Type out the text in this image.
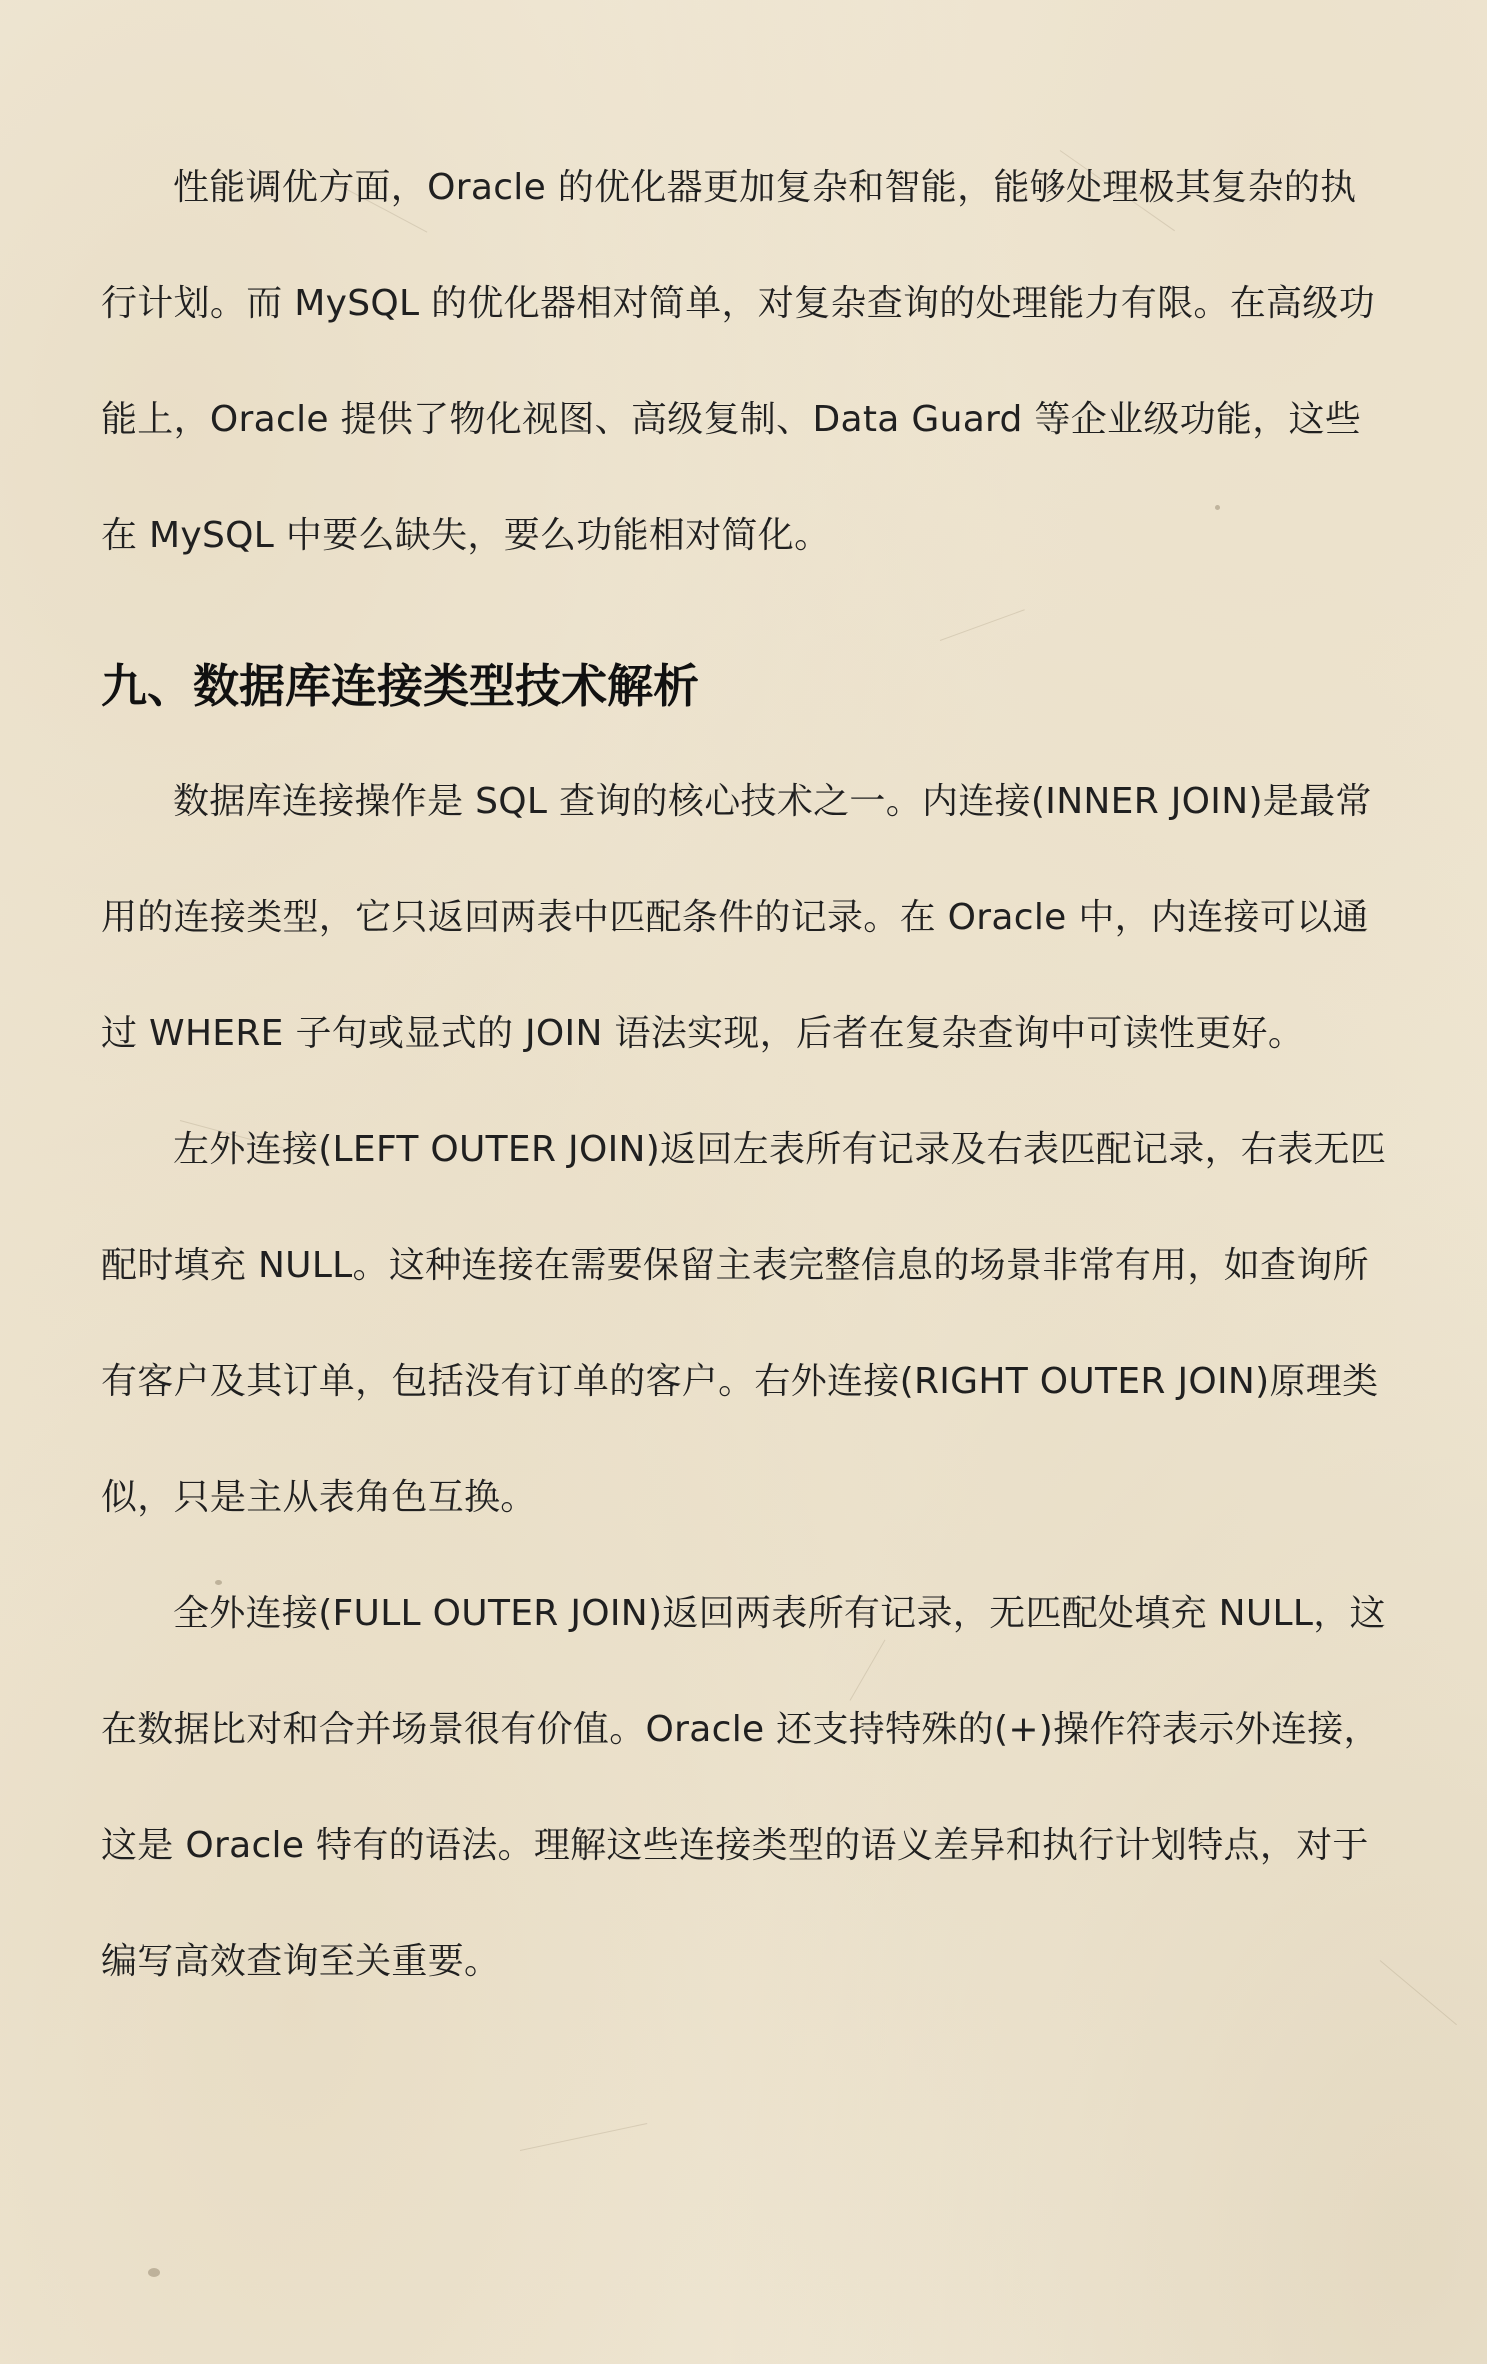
性能调优方面，Oracle 的优化器更加复杂和智能，能够处理极其复杂的执行计划。而 MySQL 的优化器相对简单，对复杂查询的处理能力有限。在高级功能上，Oracle 提供了物化视图、高级复制、Data Guard 等企业级功能，这些在 MySQL 中要么缺失，要么功能相对简化。

九、数据库连接类型技术解析

数据库连接操作是 SQL 查询的核心技术之一。内连接(INNER JOIN)是最常用的连接类型，它只返回两表中匹配条件的记录。在 Oracle 中，内连接可以通过 WHERE 子句或显式的 JOIN 语法实现，后者在复杂查询中可读性更好。

左外连接(LEFT OUTER JOIN)返回左表所有记录及右表匹配记录，右表无匹配时填充 NULL。这种连接在需要保留主表完整信息的场景非常有用，如查询所有客户及其订单，包括没有订单的客户。右外连接(RIGHT OUTER JOIN)原理类似，只是主从表角色互换。

全外连接(FULL OUTER JOIN)返回两表所有记录，无匹配处填充 NULL，这在数据比对和合并场景很有价值。Oracle 还支持特殊的(+)操作符表示外连接，这是 Oracle 特有的语法。理解这些连接类型的语义差异和执行计划特点，对于编写高效查询至关重要。
